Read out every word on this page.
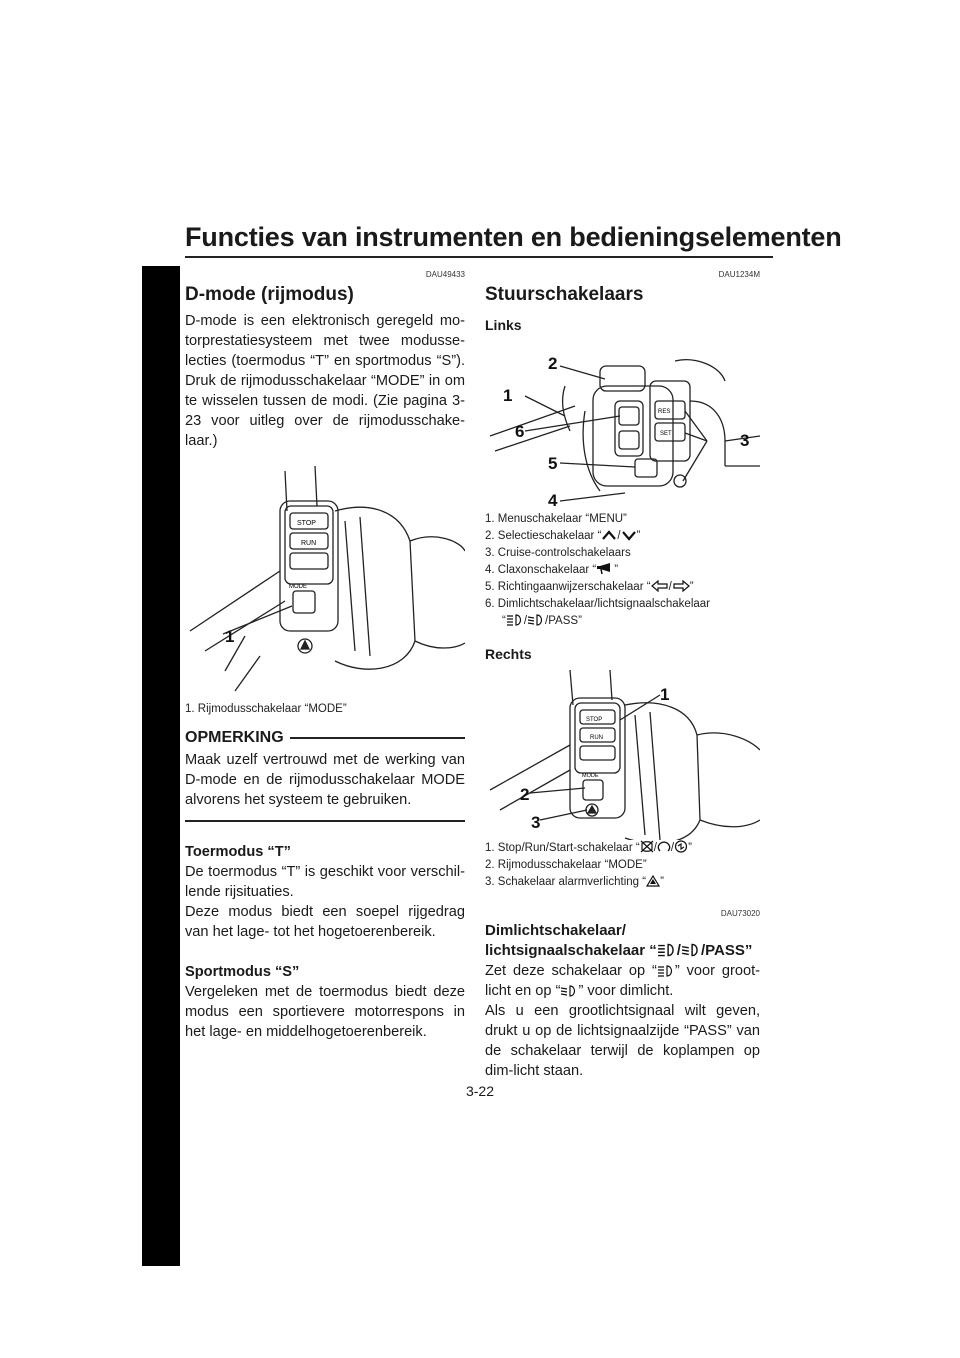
Functies van instrumenten en bedieningselementen
3
DAU49433
D-mode (rijmodus)

D-mode is een elektronisch geregeld mo-torprestatiesysteem met twee modusse-lecties (toermodus “T” en sportmodus “S”). Druk de rijmodusschakelaar “MODE” in om te wisselen tussen de modi. (Zie pagina 3-23 voor uitleg over de rijmodusschake-laar.)

STOP
RUN
MODE
1

1. Rijmodusschakelaar “MODE”

OPMERKING

Maak uzelf vertrouwd met de werking van D-mode en de rijmodusschakelaar MODE alvorens het systeem te gebruiken.

Toermodus “T”

De toermodus “T” is geschikt voor verschil-lende rijsituaties.

Deze modus biedt een soepel rijgedrag van het lage- tot het hogetoerenbereik.

Sportmodus “S”

Vergeleken met de toermodus biedt deze modus een sportievere motorrespons in het lage- en middelhogetoerenbereik.

DAU1234M
Stuurschakelaars
Links
RES
SET
1
2
3
4
5
6
1. Menuschakelaar “MENU”
2. Selectieschakelaar “ / ”
3. Cruise-controlschakelaars
4. Claxonschakelaar “ ”
5. Richtingaanwijzerschakelaar “ / ”
6. Dimlichtschakelaar/lichtsignaalschakelaar
“ / /PASS”
Rechts
STOP
RUN
MODE
1
2
3
1. Stop/Run/Start-schakelaar “ / / ”
2. Rijmodusschakelaar “MODE”
3. Schakelaar alarmverlichting “ ”
DAU73020
Dimlichtschakelaar/
lichtsignaalschakelaar “ / /PASS”

Zet deze schakelaar op “ ” voor groot-licht en op “ ” voor dimlicht.

Als u een grootlichtsignaal wilt geven, drukt u op de lichtsignaalzijde “PASS” van de schakelaar terwijl de koplampen op dim-licht staan.

3-22
